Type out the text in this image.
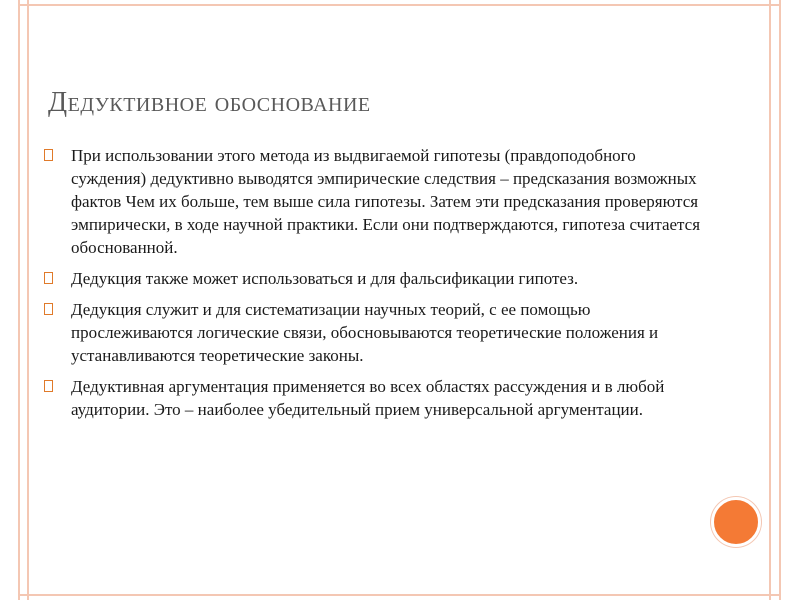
Дедуктивное обоснование
При использовании этого метода из выдвигаемой гипотезы (правдоподобного суждения) дедуктивно выводятся эмпирические следствия – предсказания возможных фактов Чем их больше, тем выше сила гипотезы. Затем эти предсказания проверяются эмпирически, в ходе научной практики. Если они подтверждаются, гипотеза считается обоснованной.
Дедукция также может использоваться и для фальсификации гипотез.
Дедукция служит и для систематизации научных теорий, с ее помощью прослеживаются логические связи, обосновываются теоретические положения и устанавливаются теоретические законы.
Дедуктивная аргументация применяется во всех областях рассуждения и в любой аудитории. Это – наиболее убедительный прием универсальной аргументации.
